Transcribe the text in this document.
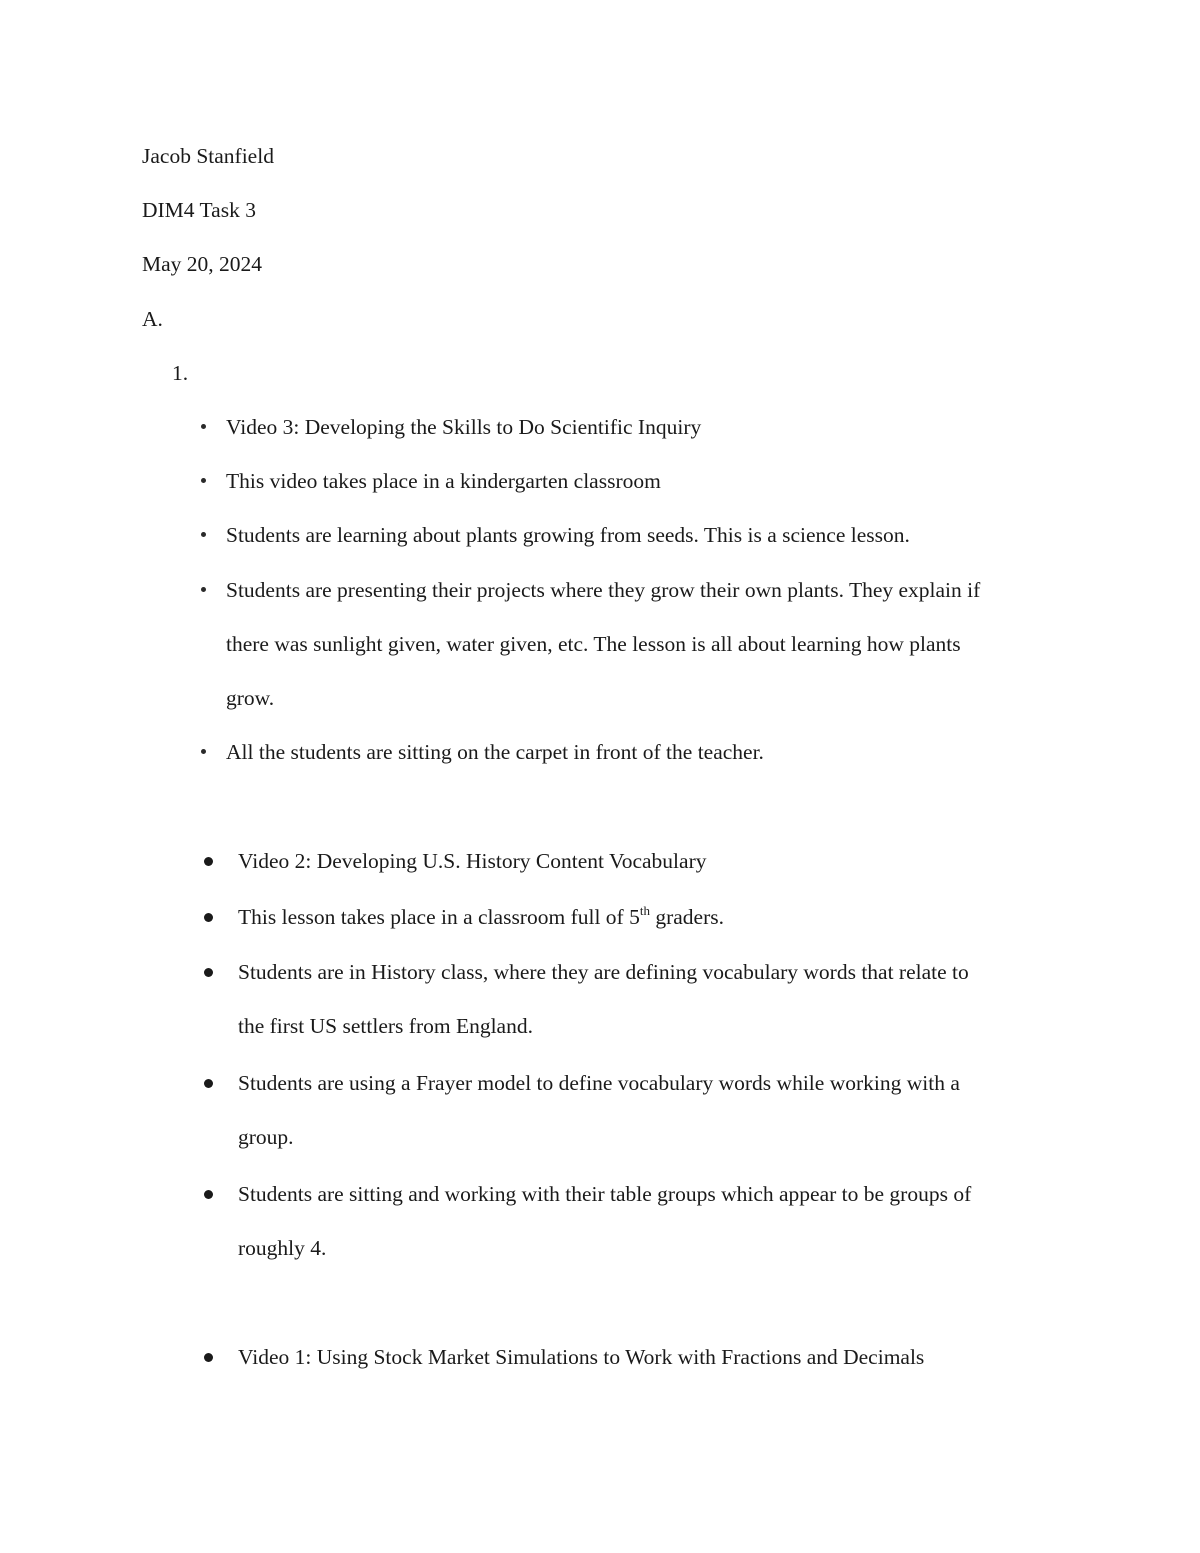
Jacob Stanfield
DIM4 Task 3
May 20, 2024
A.
1.
Video 3: Developing the Skills to Do Scientific Inquiry
This video takes place in a kindergarten classroom
Students are learning about plants growing from seeds. This is a science lesson.
Students are presenting their projects where they grow their own plants. They explain if
there was sunlight given, water given, etc. The lesson is all about learning how plants
grow.
All the students are sitting on the carpet in front of the teacher.
Video 2: Developing U.S. History Content Vocabulary
This lesson takes place in a classroom full of 5th graders.
Students are in History class, where they are defining vocabulary words that relate to
the first US settlers from England.
Students are using a Frayer model to define vocabulary words while working with a
group.
Students are sitting and working with their table groups which appear to be groups of
roughly 4.
Video 1: Using Stock Market Simulations to Work with Fractions and Decimals
